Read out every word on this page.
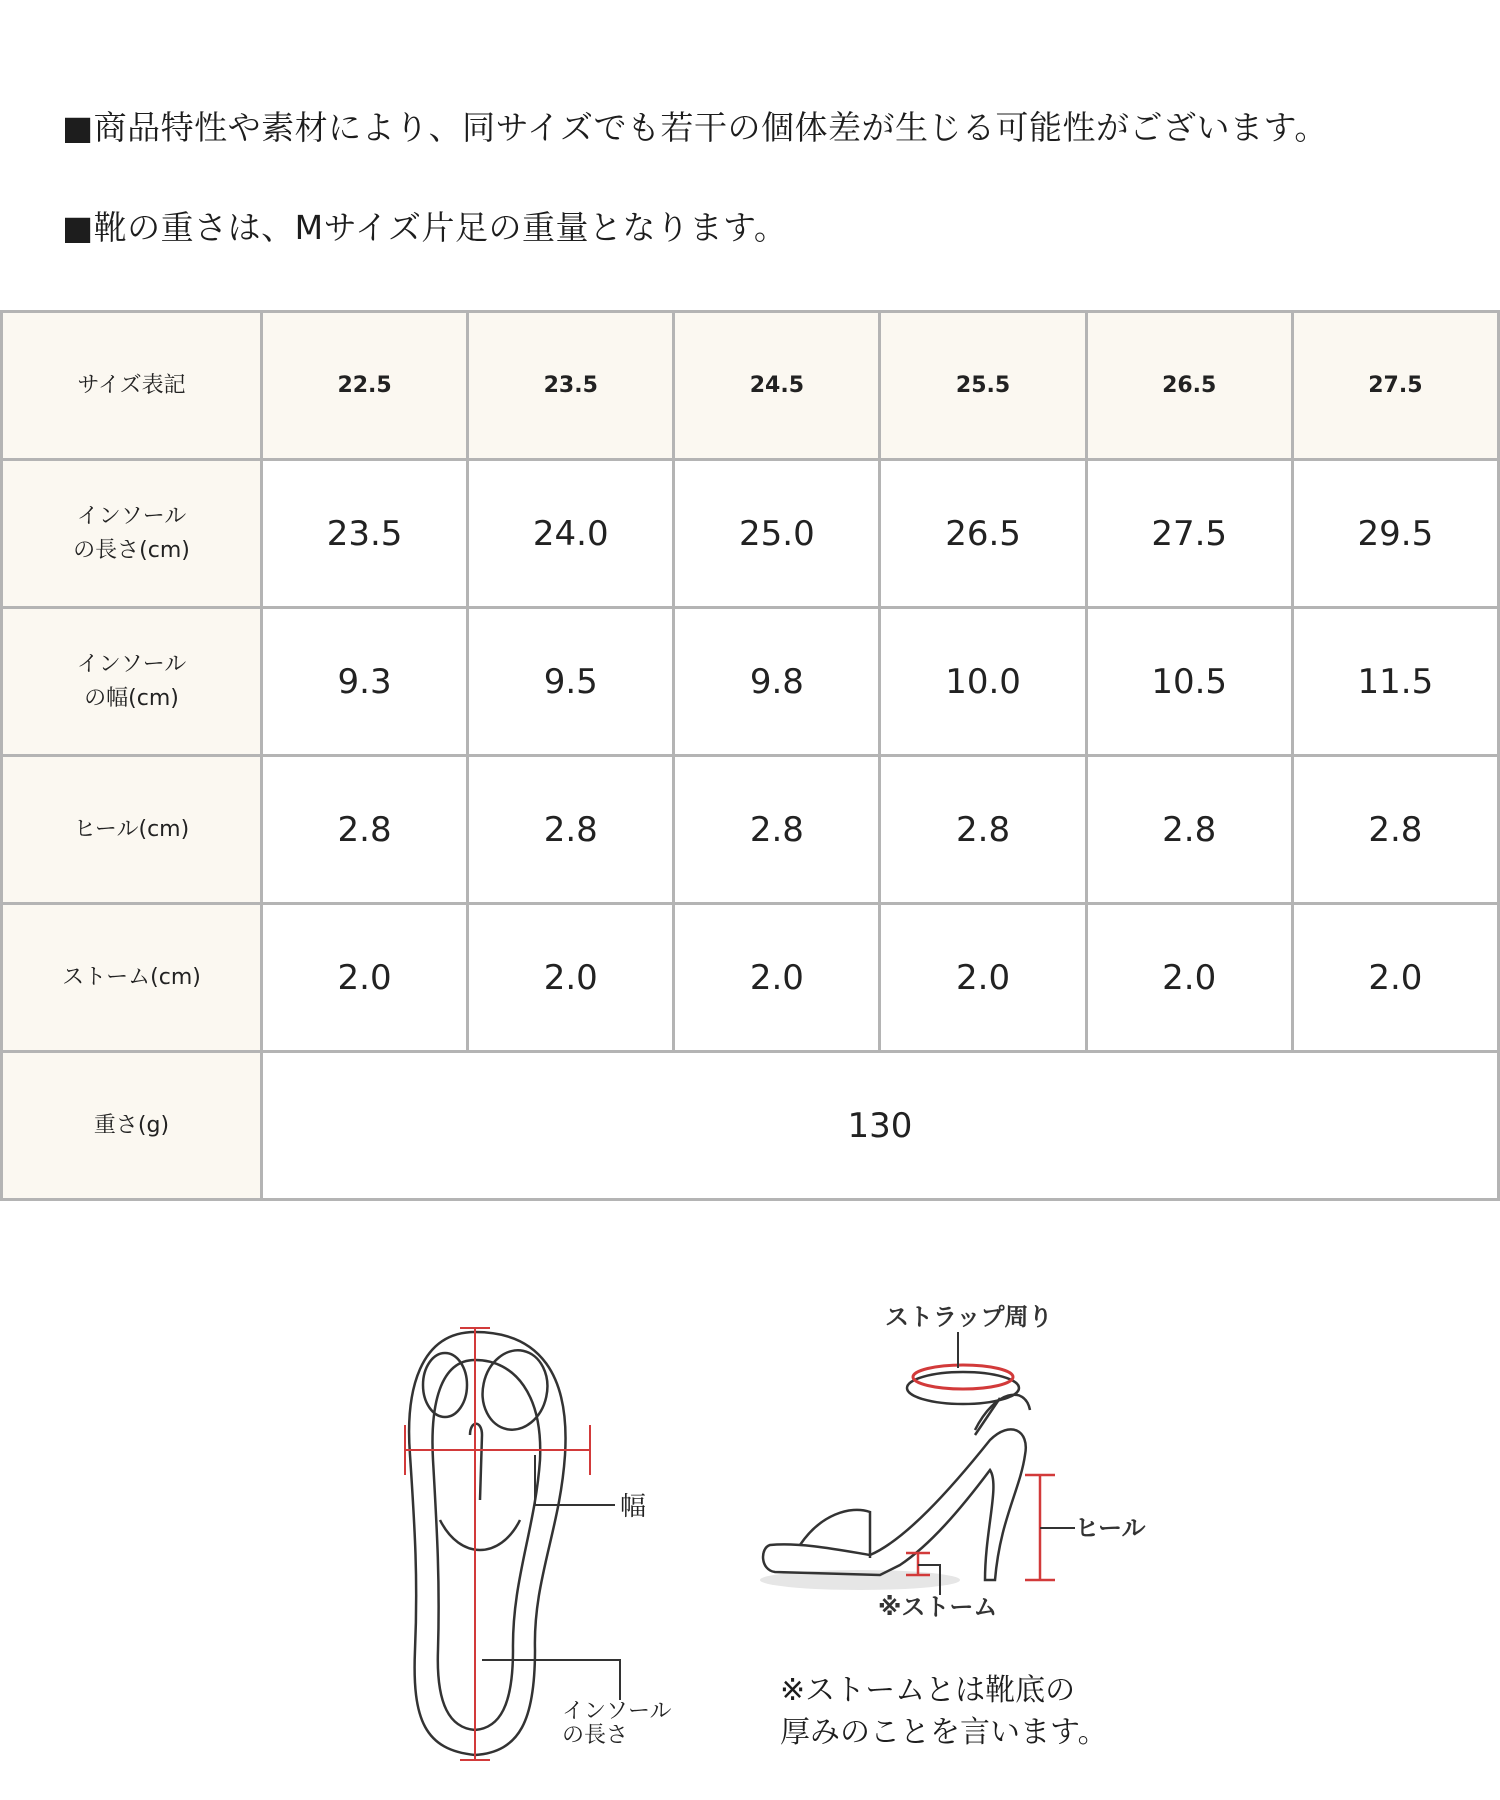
■商品特性や素材により、同サイズでも若干の個体差が生じる可能性がございます。
■靴の重さは、Mサイズ片足の重量となります。
サイズ表記	22.5	23.5	24.5	25.5	26.5	27.5
インソール
の長さ(cm)	23.5	24.0	25.0	26.5	27.5	29.5
インソール
の幅(cm)	9.3	9.5	9.8	10.0	10.5	11.5
ヒール(cm)	2.8	2.8	2.8	2.8	2.8	2.8
ストーム(cm)	2.0	2.0	2.0	2.0	2.0	2.0
重さ(g)	130					
幅
インソール
の長さ
ストラップ周り
ヒール
※ストーム
※ストームとは靴底の
厚みのことを言います。
